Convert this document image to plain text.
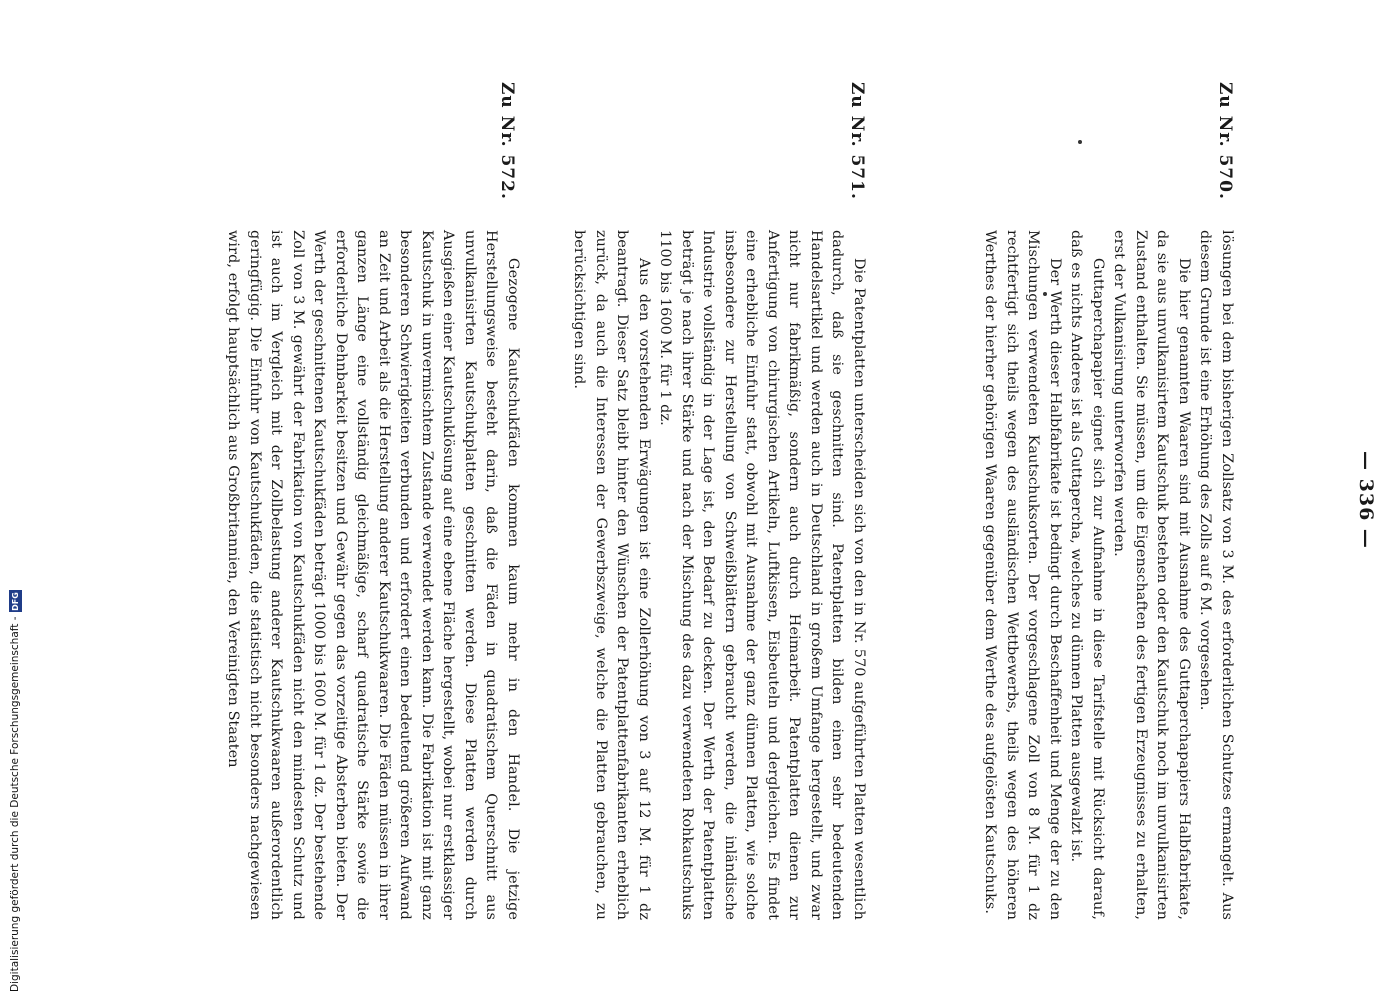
— 336 —
Zu Nr. 570.

lösungen bei dem bisherigen Zollsatz von 3 M. des erforderlichen Schutzes ermangelt. Aus diesem Grunde ist eine Erhöhung des Zolls auf 6 M. vorgesehen.

Die hier genannten Waaren sind mit Ausnahme des Guttaperchapapiers Halbfabrikate, da sie aus unvulkanisirtem Kautschuk bestehen oder den Kautschuk noch im unvulkanisirten Zustand enthalten. Sie müssen, um die Eigenschaften des fertigen Erzeugnisses zu erhalten, erst der Vulkanisirung unterworfen werden.

Guttaperchapapier eignet sich zur Aufnahme in diese Tarifstelle mit Rücksicht darauf, daß es nichts Anderes ist als Guttapercha, welches zu dünnen Platten ausgewalzt ist.

Der Werth dieser Halbfabrikate ist bedingt durch Beschaffenheit und Menge der zu den Mischungen verwendeten Kautschuksorten. Der vorgeschlagene Zoll von 8 M. für 1 dz rechtfertigt sich theils wegen des ausländischen Wettbewerbs, theils wegen des höheren Werthes der hierher gehörigen Waaren gegenüber dem Werthe des aufgelösten Kautschuks.

Zu Nr. 571.

Die Patentplatten unterscheiden sich von den in Nr. 570 aufgeführten Platten wesentlich dadurch, daß sie geschnitten sind. Patentplatten bilden einen sehr bedeutenden Handelsartikel und werden auch in Deutschland in großem Umfange hergestellt, und zwar nicht nur fabrikmäßig, sondern auch durch Heimarbeit. Patentplatten dienen zur Anfertigung von chirurgischen Artikeln, Luftkissen, Eisbeuteln und dergleichen. Es findet eine erhebliche Einfuhr statt, obwohl mit Ausnahme der ganz dünnen Platten, wie solche insbesondere zur Herstellung von Schweißblättern gebraucht werden, die inländische Industrie vollständig in der Lage ist, den Bedarf zu decken. Der Werth der Patentplatten beträgt je nach ihrer Stärke und nach der Mischung des dazu verwendeten Rohkautschuks 1100 bis 1600 M. für 1 dz.

Aus den vorstehenden Erwägungen ist eine Zollerhöhung von 3 auf 12 M. für 1 dz beantragt. Dieser Satz bleibt hinter den Wünschen der Patentplattenfabrikanten erheblich zurück, da auch die Interessen der Gewerbszweige, welche die Platten gebrauchen, zu berücksichtigen sind.

Zu Nr. 572.

Gezogene Kautschukfäden kommen kaum mehr in den Handel. Die jetzige Herstellungsweise besteht darin, daß die Fäden in quadratischem Querschnitt aus unvulkanisirten Kautschukplatten geschnitten werden. Diese Platten werden durch Ausgießen einer Kautschuklösung auf eine ebene Fläche hergestellt, wobei nur erstklassiger Kautschuk in unvermischtem Zustande verwendet werden kann. Die Fabrikation ist mit ganz besonderen Schwierigkeiten verbunden und erfordert einen bedeutend größeren Aufwand an Zeit und Arbeit als die Herstellung anderer Kautschukwaaren. Die Fäden müssen in ihrer ganzen Länge eine vollständig gleichmäßige, scharf quadratische Stärke sowie die erforderliche Dehnbarkeit besitzen und Gewähr gegen das vorzeitige Absterben bieten. Der Werth der geschnittenen Kautschukfäden beträgt 1000 bis 1600 M. für 1 dz. Der bestehende Zoll von 3 M. gewährt der Fabrikation von Kautschukfäden nicht den mindesten Schutz und ist auch im Vergleich mit der Zollbelastung anderer Kautschukwaaren außerordentlich geringfügig. Die Einfuhr von Kautschukfäden, die statistisch nicht besonders nachgewiesen wird, erfolgt hauptsächlich aus Großbritannien, den Vereinigten Staaten

Digitalisierung gefördert durch die Deutsche Forschungsgemeinschaft -DFG
